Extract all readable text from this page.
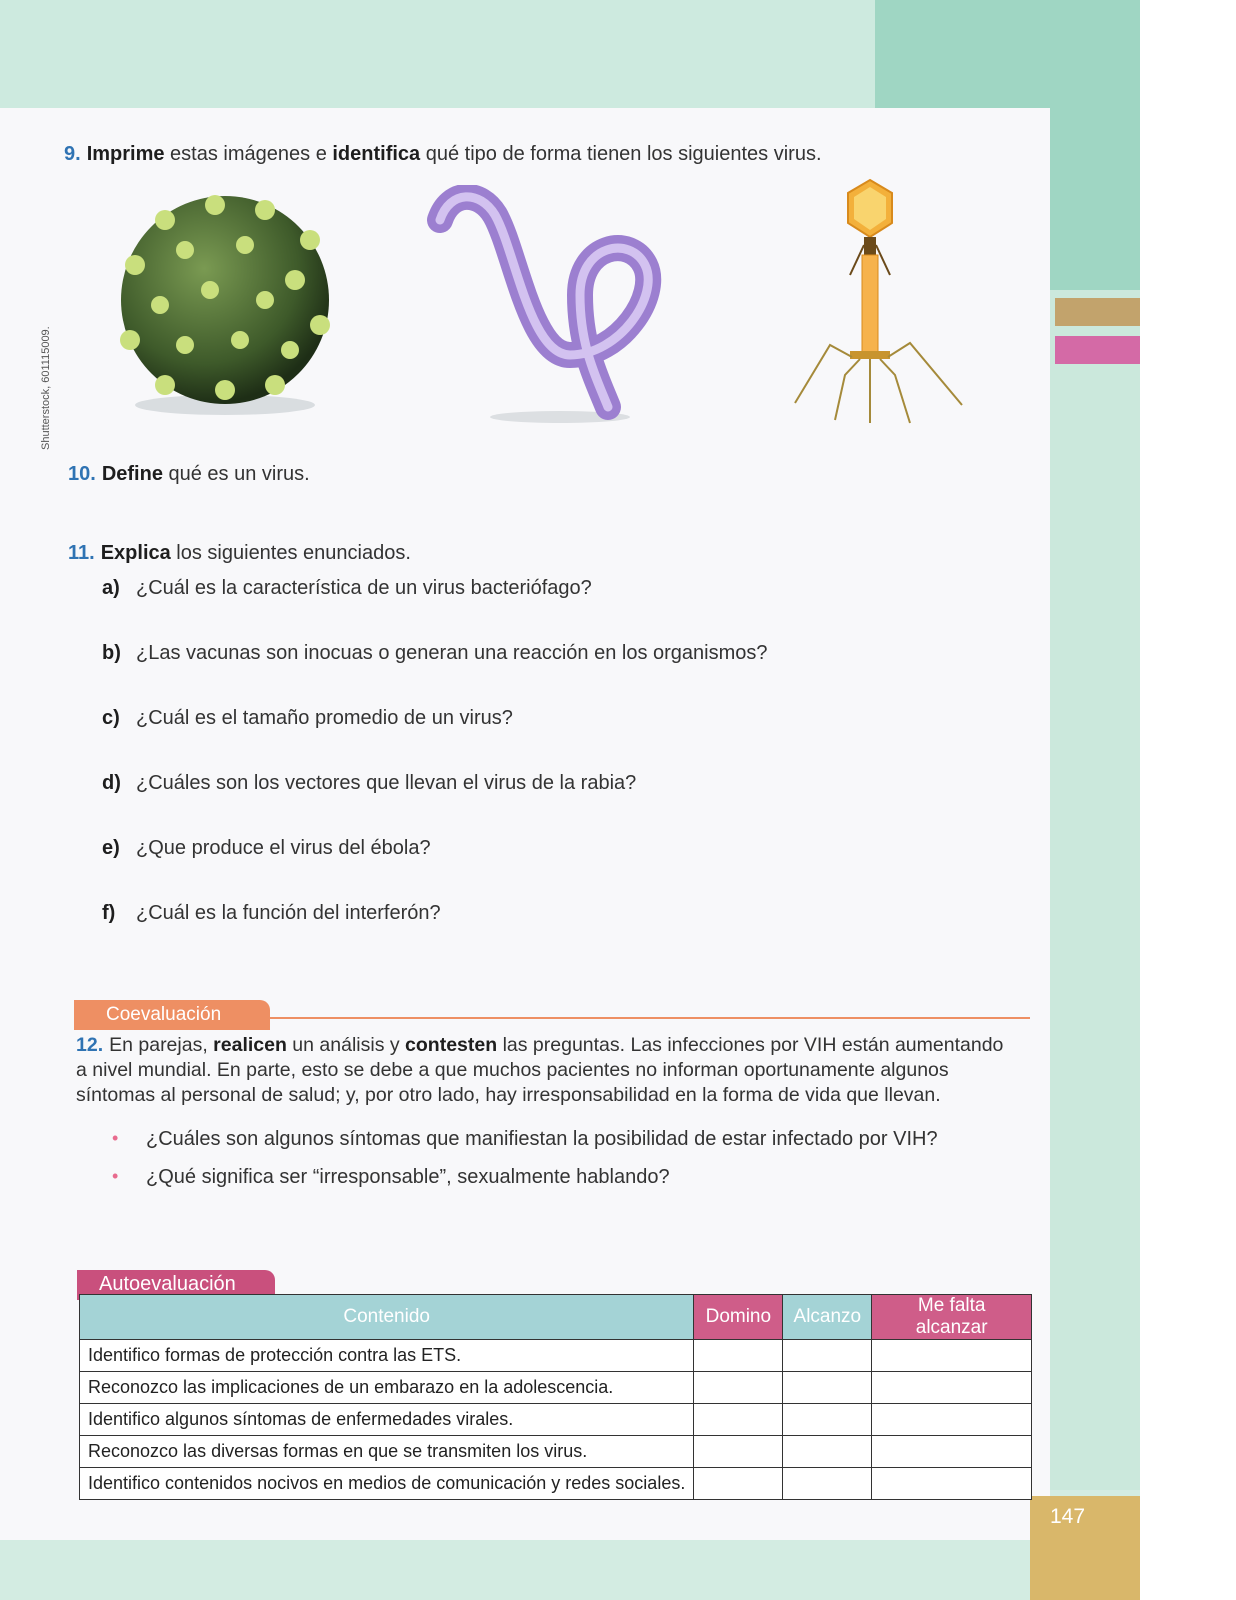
147
Shutterstock, 601115009.
9. Imprime estas imágenes e identifica qué tipo de forma tienen los siguientes virus.
10. Define qué es un virus.
11. Explica los siguientes enunciados.
a) ¿Cuál es la característica de un virus bacteriófago?
b) ¿Las vacunas son inocuas o generan una reacción en los organismos?
c) ¿Cuál es el tamaño promedio de un virus?
d) ¿Cuáles son los vectores que llevan el virus de la rabia?
e) ¿Que produce el virus del ébola?
f) ¿Cuál es la función del interferón?
Coevaluación
12. En parejas, realicen un análisis y contesten las preguntas. Las infecciones por VIH están aumentando a nivel mundial. En parte, esto se debe a que muchos pacientes no informan oportunamente algunos síntomas al personal de salud; y, por otro lado, hay irresponsabilidad en la forma de vida que llevan.
• ¿Cuáles son algunos síntomas que manifiestan la posibilidad de estar infectado por VIH?
• ¿Qué significa ser “irresponsable”, sexualmente hablando?
Autoevaluación
Contenido	Domino	Alcanzo	Me falta alcanzar
Identifico formas de protección contra las ETS.			
Reconozco las implicaciones de un embarazo en la adolescencia.			
Identifico algunos síntomas de enfermedades virales.			
Reconozco las diversas formas en que se transmiten los virus.			
Identifico contenidos nocivos en medios de comunicación y redes sociales.			
